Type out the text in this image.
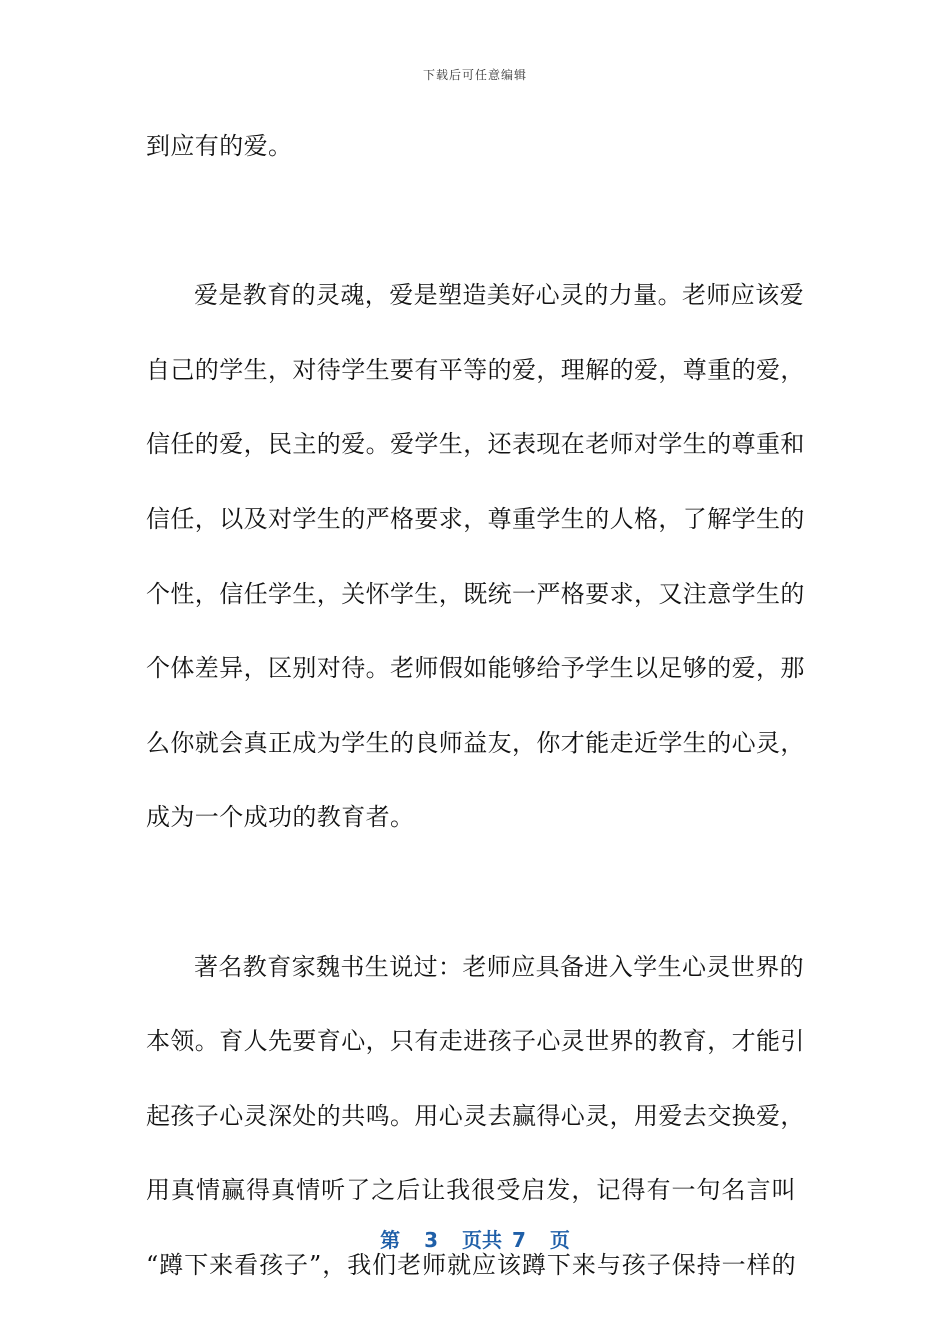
下载后可任意编辑
到应有的爱。
爱是教育的灵魂，爱是塑造美好心灵的力量。老师应该爱
自己的学生，对待学生要有平等的爱，理解的爱，尊重的爱，
信任的爱，民主的爱。爱学生，还表现在老师对学生的尊重和
信任，以及对学生的严格要求，尊重学生的人格，了解学生的
个性，信任学生，关怀学生，既统一严格要求，又注意学生的
个体差异，区别对待。老师假如能够给予学生以足够的爱，那
么你就会真正成为学生的良师益友，你才能走近学生的心灵，
成为一个成功的教育者。
著名教育家魏书生说过：老师应具备进入学生心灵世界的
本领。育人先要育心，只有走进孩子心灵世界的教育，才能引
起孩子心灵深处的共鸣。用心灵去赢得心灵，用爱去交换爱，
用真情赢得真情听了之后让我很受启发，记得有一句名言叫
“蹲下来看孩子”，我们老师就应该蹲下来与孩子保持一样的
第 3 页共 7 页
